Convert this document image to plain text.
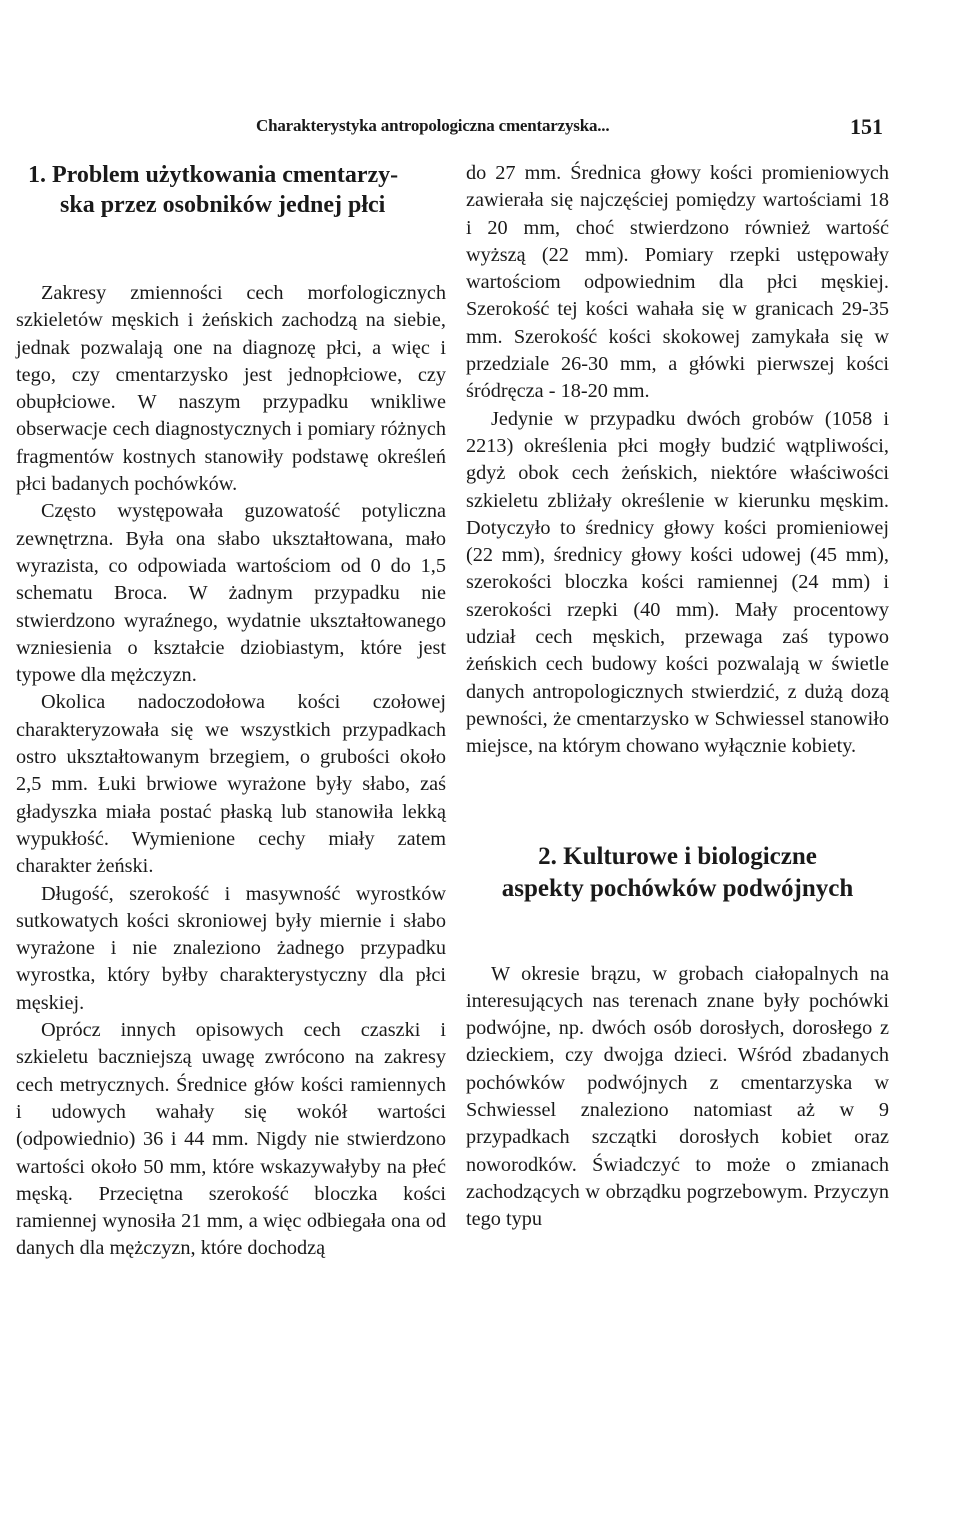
Charakterystyka antropologiczna cmentarzyska...	151
1. Problem użytkowania cmentarzy-
ska przez osobników jednej płci

Zakresy zmienności cech morfologicznych szkieletów męskich i żeńskich zachodzą na siebie, jednak pozwalają one na diagnozę płci, a więc i tego, czy cmentarzysko jest jednopłciowe, czy obupłciowe. W naszym przypadku wnikliwe obserwacje cech diagnostycznych i pomiary różnych fragmentów kostnych stanowiły podstawę określeń płci badanych pochówków.

Często występowała guzowatość potyliczna zewnętrzna. Była ona słabo ukształtowana, mało wyrazista, co odpowiada wartościom od 0 do 1,5 schematu Broca. W żadnym przypadku nie stwierdzono wyraźnego, wydatnie ukształtowanego wzniesienia o kształcie dziobiastym, które jest typowe dla mężczyzn.

Okolica nadoczodołowa kości czołowej charakteryzowała się we wszystkich przypadkach ostro ukształtowanym brzegiem, o grubości około 2,5 mm. Łuki brwiowe wyrażone były słabo, zaś gładyszka miała postać płaską lub stanowiła lekką wypukłość. Wymienione cechy miały zatem charakter żeński.

Długość, szerokość i masywność wyrostków sutkowatych kości skroniowej były miernie i słabo wyrażone i nie znaleziono żadnego przypadku wyrostka, który byłby charakterystyczny dla płci męskiej.

Oprócz innych opisowych cech czaszki i szkieletu baczniejszą uwagę zwrócono na zakresy cech metrycznych. Średnice głów kości ramiennych i udowych wahały się wokół wartości (odpowiednio) 36 i 44 mm. Nigdy nie stwierdzono wartości około 50 mm, które wskazywałyby na płeć męską. Przeciętna szerokość bloczka kości ramiennej wynosiła 21 mm, a więc odbiegała ona od danych dla mężczyzn, które dochodzą

do 27 mm. Średnica głowy kości promieniowych zawierała się najczęściej pomiędzy wartościami 18 i 20 mm, choć stwierdzono również wartość wyższą (22 mm). Pomiary rzepki ustępowały wartościom odpowiednim dla płci męskiej. Szerokość tej kości wahała się w granicach 29-35 mm. Szerokość kości skokowej zamykała się w przedziale 26-30 mm, a główki pierwszej kości śródręcza - 18-20 mm.

Jedynie w przypadku dwóch grobów (1058 i 2213) określenia płci mogły budzić wątpliwości, gdyż obok cech żeńskich, niektóre właściwości szkieletu zbliżały określenie w kierunku męskim. Dotyczyło to średnicy głowy kości promieniowej (22 mm), średnicy głowy kości udowej (45 mm), szerokości bloczka kości ramiennej (24 mm) i szerokości rzepki (40 mm). Mały procentowy udział cech męskich, przewaga zaś typowo żeńskich cech budowy kości pozwalają w świetle danych antropologicznych stwierdzić, z dużą dozą pewności, że cmentarzysko w Schwiessel stanowiło miejsce, na którym chowano wyłącznie kobiety.

2. Kulturowe i biologiczne
aspekty pochówków podwójnych

W okresie brązu, w grobach ciałopalnych na interesujących nas terenach znane były pochówki podwójne, np. dwóch osób dorosłych, dorosłego z dzieckiem, czy dwojga dzieci. Wśród zbadanych pochówków podwójnych z cmentarzyska w Schwiessel znaleziono natomiast aż w 9 przypadkach szczątki dorosłych kobiet oraz noworodków. Świadczyć to może o zmianach zachodzących w obrządku pogrzebowym. Przyczyn tego typu
